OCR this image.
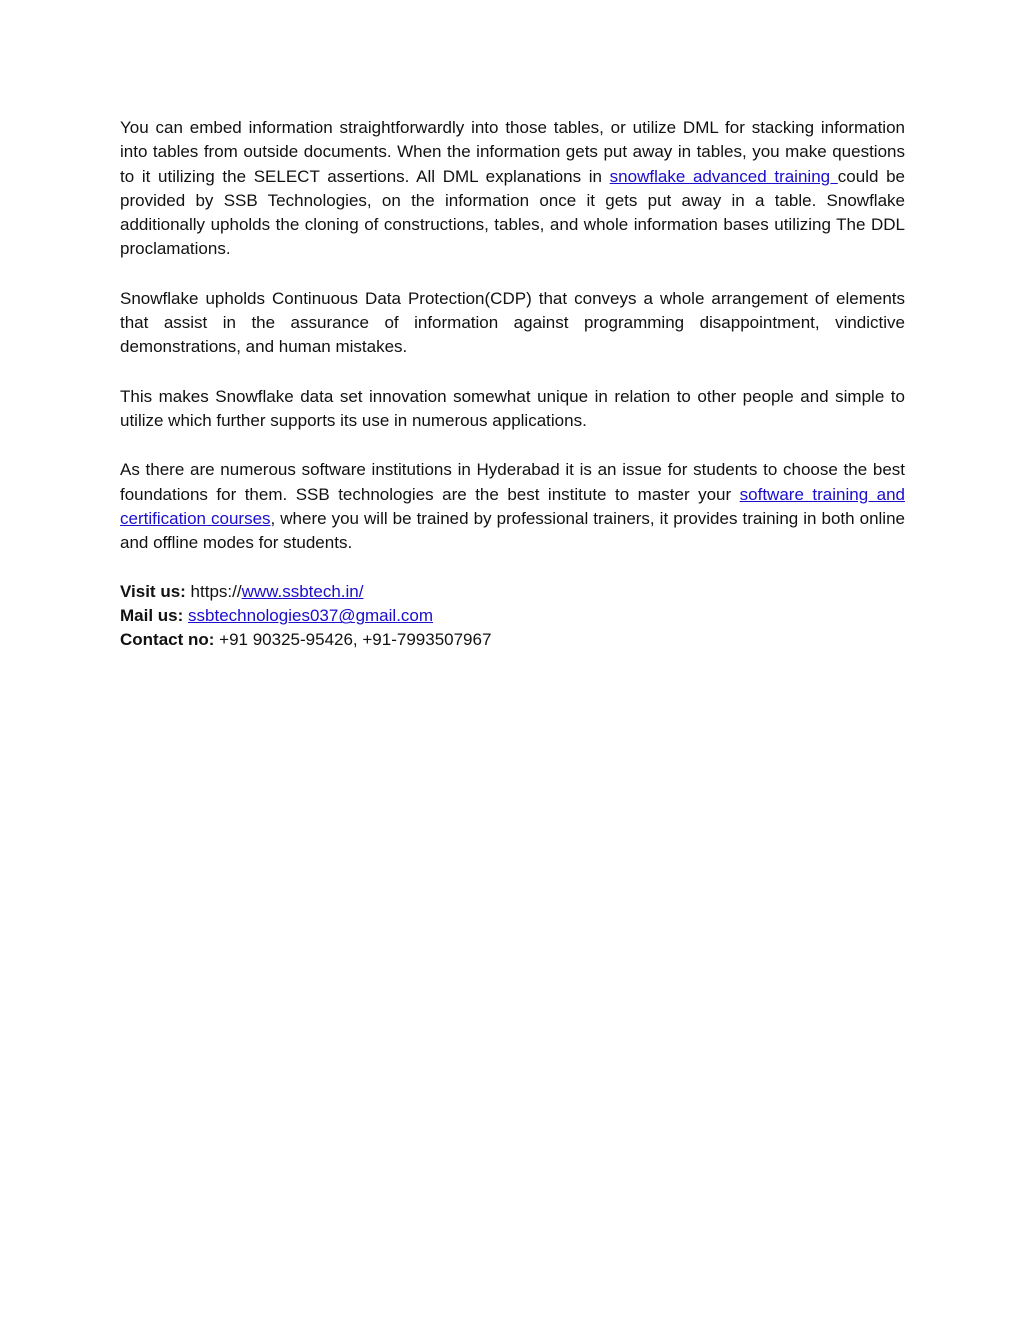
You can embed information straightforwardly into those tables, or utilize DML for stacking information into tables from outside documents. When the information gets put away in tables, you make questions to it utilizing the SELECT assertions. All DML explanations in snowflake advanced training could be provided by SSB Technologies, on the information once it gets put away in a table. Snowflake additionally upholds the cloning of constructions, tables, and whole information bases utilizing The DDL proclamations.

Snowflake upholds Continuous Data Protection(CDP) that conveys a whole arrangement of elements that assist in the assurance of information against programming disappointment, vindictive demonstrations, and human mistakes.

This makes Snowflake data set innovation somewhat unique in relation to other people and simple to utilize which further supports its use in numerous applications.

As there are numerous software institutions in Hyderabad it is an issue for students to choose the best foundations for them. SSB technologies are the best institute to master your software training and certification courses, where you will be trained by professional trainers, it provides training in both online and offline modes for students.

Visit us: https://www.ssbtech.in/
Mail us: ssbtechnologies037@gmail.com
Contact no: +91 90325-95426, +91-7993507967
